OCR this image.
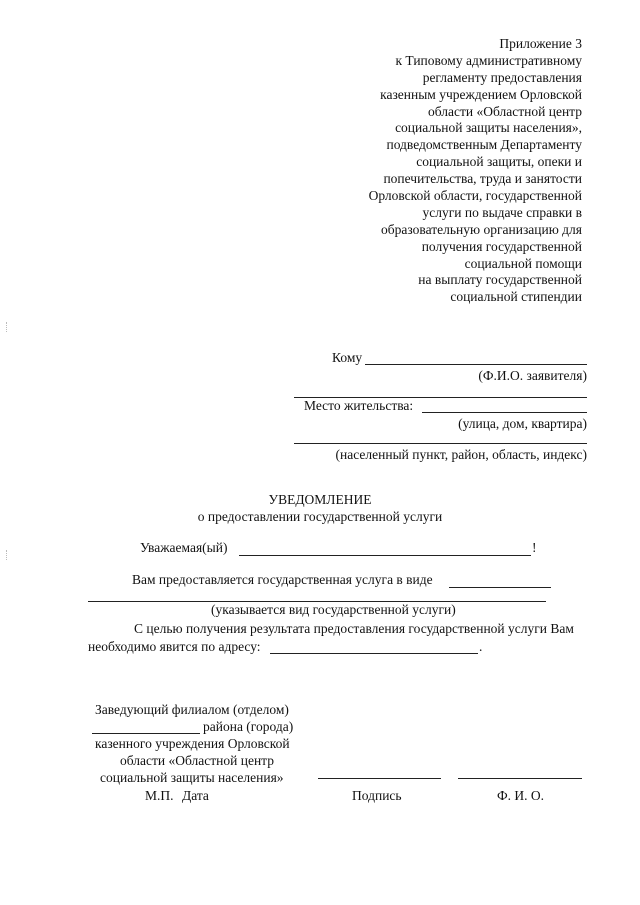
Приложение 3
к Типовому административному
регламенту предоставления
казенным учреждением Орловской
области «Областной центр
социальной защиты населения»,
подведомственным Департаменту
социальной защиты, опеки и
попечительства, труда и занятости
Орловской области, государственной
услуги по выдаче справки в
образовательную организацию для
получения государственной
социальной помощи
на выплату государственной
социальной стипендии
Кому
(Ф.И.О. заявителя)
Место жительства:
(улица, дом, квартира)
(населенный пункт, район, область, индекс)
УВЕДОМЛЕНИЕ
о предоставлении государственной услуги
Уважаемая(ый)	!
Вам предоставляется государственная услуга в виде
(указывается вид государственной услуги)
С целью получения результата предоставления государственной услуги Вам
необходимо явится по адресу:	.
Заведующий филиалом (отделом)
района (города)
казенного учреждения Орловской
области «Областной центр
социальной защиты населения»
М.П. Дата	Подпись	Ф. И. О.
